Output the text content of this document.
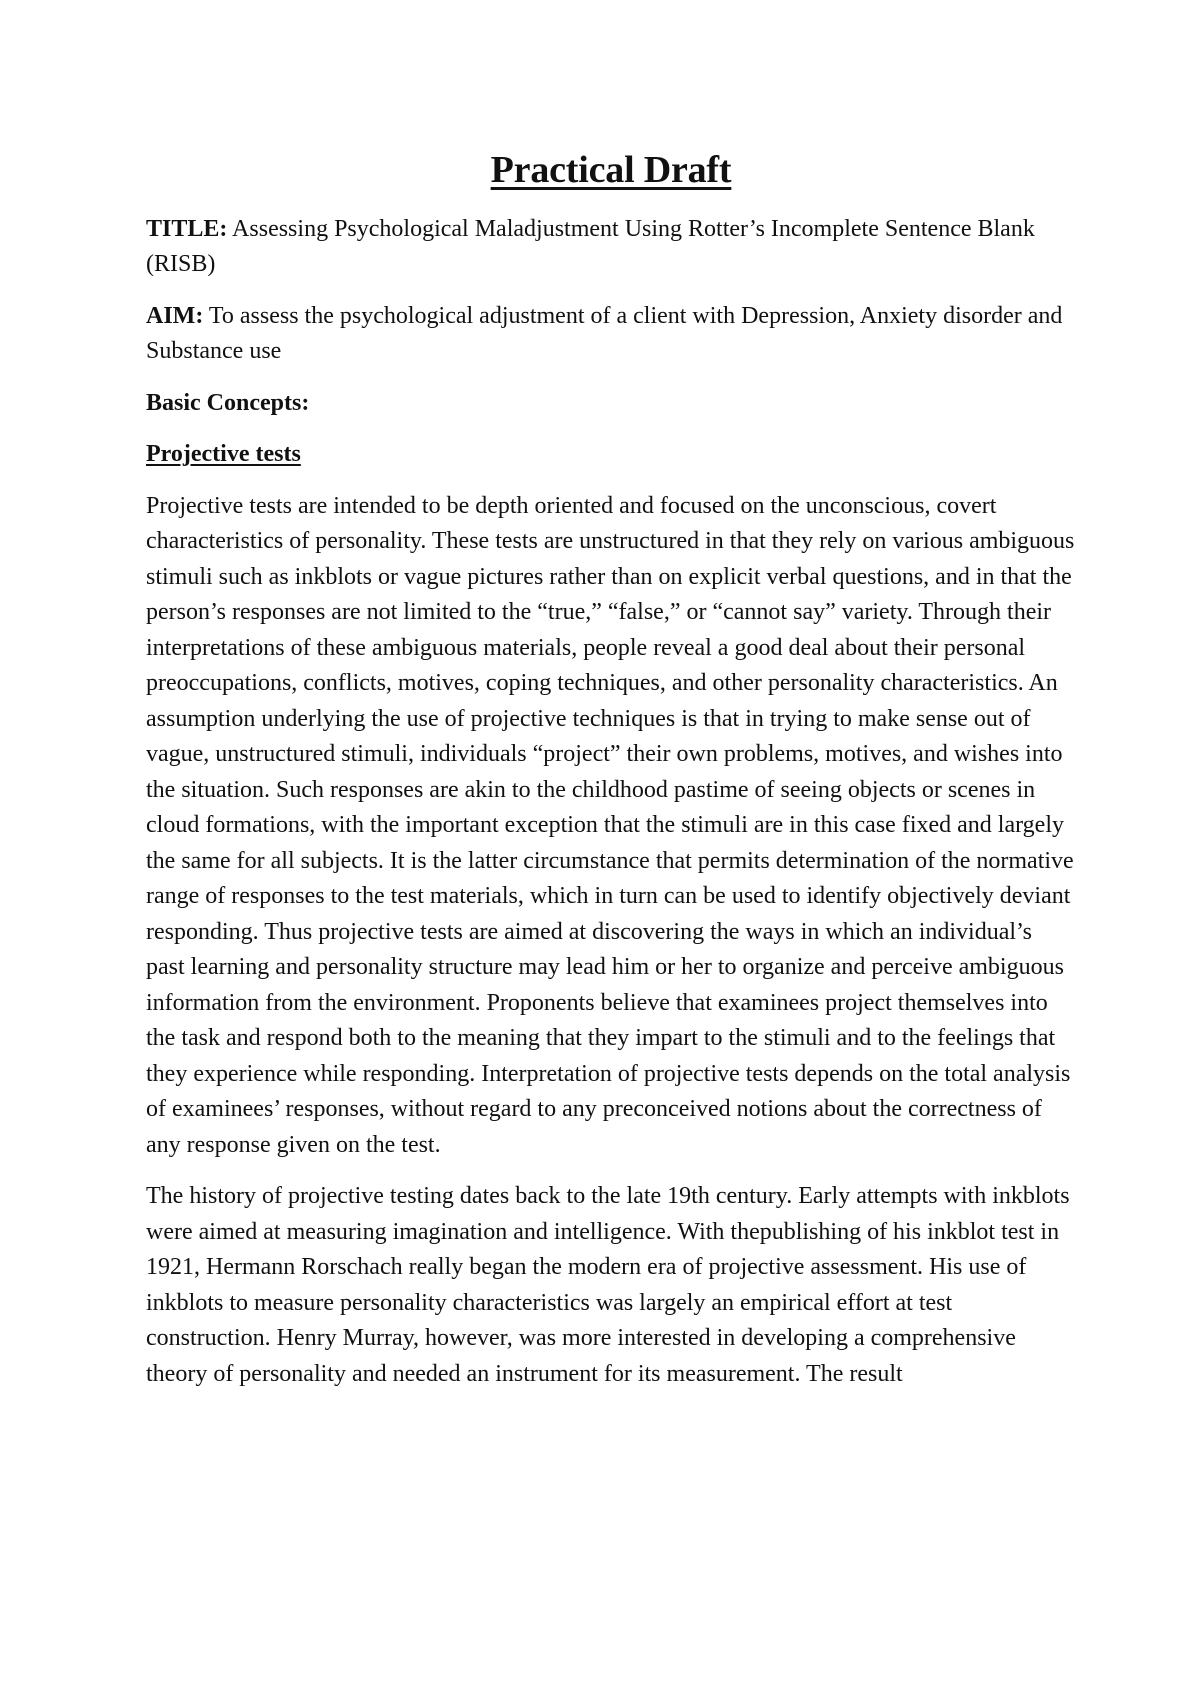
Practical Draft

TITLE: Assessing Psychological Maladjustment Using Rotter’s Incomplete Sentence Blank (RISB)

AIM: To assess the psychological adjustment of a client with Depression, Anxiety disorder and Substance use

Basic Concepts:

Projective tests

Projective tests are intended to be depth oriented and focused on the unconscious, covert characteristics of personality. These tests are unstructured in that they rely on various ambiguous stimuli such as inkblots or vague pictures rather than on explicit verbal questions, and in that the person’s responses are not limited to the “true,” “false,” or “cannot say” variety. Through their interpretations of these ambiguous materials, people reveal a good deal about their personal preoccupations, conflicts, motives, coping techniques, and other personality characteristics. An assumption underlying the use of projective techniques is that in trying to make sense out of vague, unstructured stimuli, individuals “project” their own problems, motives, and wishes into the situation. Such responses are akin to the childhood pastime of seeing objects or scenes in cloud formations, with the important exception that the stimuli are in this case fixed and largely the same for all subjects. It is the latter circumstance that permits determination of the normative range of responses to the test materials, which in turn can be used to identify objectively deviant responding. Thus projective tests are aimed at discovering the ways in which an individual’s past learning and personality structure may lead him or her to organize and perceive ambiguous information from the environment. Proponents believe that examinees project themselves into the task and respond both to the meaning that they impart to the stimuli and to the feelings that they experience while responding. Interpretation of projective tests depends on the total analysis of examinees’ responses, without regard to any preconceived notions about the correctness of any response given on the test.

The history of projective testing dates back to the late 19th century. Early attempts with inkblots were aimed at measuring imagination and intelligence. With thepublishing of his inkblot test in 1921, Hermann Rorschach really began the modern era of projective assessment. His use of inkblots to measure personality characteristics was largely an empirical effort at test construction. Henry Murray, however, was more interested in developing a comprehensive theory of personality and needed an instrument for its measurement. The result
